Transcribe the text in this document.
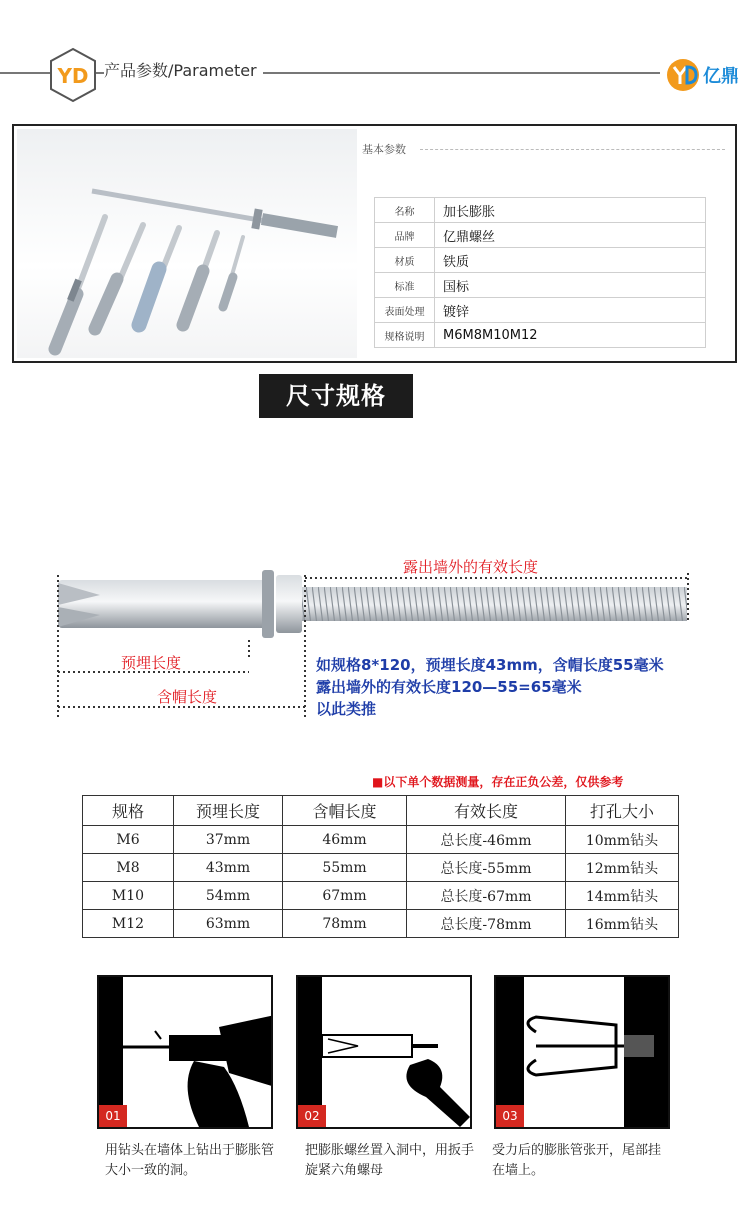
YD 产品参数/Parameter	亿鼎
基本参数
名称	加长膨胀
品牌	亿鼎螺丝
材质	铁质
标准	国标
表面处理	镀锌
规格说明	M6M8M10M12
尺寸规格
露出墙外的有效长度
预埋长度
含帽长度
如规格8*120，预埋长度43mm，含帽长度55毫米
露出墙外的有效长度120—55=65毫米
以此类推
■以下单个数据测量，存在正负公差，仅供参考
规格	预埋长度	含帽长度	有效长度	打孔大小
M6	37mm	46mm	总长度-46mm	10mm钻头
M8	43mm	55mm	总长度-55mm	12mm钻头
M10	54mm	67mm	总长度-67mm	14mm钻头
M12	63mm	78mm	总长度-78mm	16mm钻头
01	02	03
用钻头在墙体上钻出于膨胀管大小一致的洞。
把膨胀螺丝置入洞中，用扳手旋紧六角螺母
受力后的膨胀管张开，尾部挂在墙上。
